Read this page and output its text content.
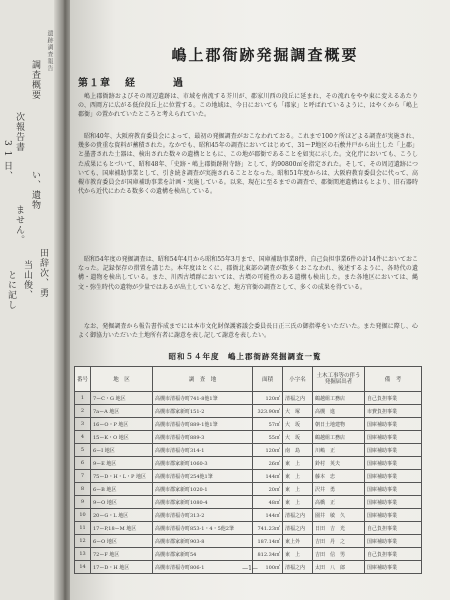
遺跡調査報告
調査概要
次報告書
3 1 日、
い、遺物
ません。
田辞次、勇
当山俊、
とに記し
嶋上郡衙跡発掘調査概要
第１章 経　過

嶋上郡衙跡およびその周辺遺跡は、市域を南流する芥川が、郡家川西の段丘に延まれ、その流れをやや東に変えるあたりの、西岡方に広がる低位段丘上に位置する。この地域は、今日においても「郡家」と呼ばれているように、はやくから「嶋上郡衙」の置かれていたところと考えられていた。

昭和40年、大阪府教育委員会によって、最初の発掘調査がおこなわれておる。これまで100ケ所ほどよる調査が実施され、幾多の貴重な資料が蓄積された。なかでも、昭和45年の調査においてはじめて、31ーP地区の石敷井戸から出土した「上郡」と墨書された土器は、検出された数々の遺構とともに、この地が郡衙であることを如実に示した。文化庁においても、こうした成果にもとづいて、昭和48年、「史跡・嶋上郡衙跡附寺跡」として、約90800㎡を指定された。そして、その周辺遺跡についても、国庫補助事業として、引き続き調査が実施されることとなった。昭和51年度からは、大阪府教育委員会に代って、高槻市教育委員会が国庫補助事業を計画・実施している。以来、現在に至るまでの調査で、郡衙関連遺構はもとより、旧石器時代から近代にわたる数多くの遺構を検出している。

昭和54年度の発掘調査は、昭和54年4月から昭和55年3月まで、国庫補助事業8件、自己負担事業6件の計14件においておこなった。記録保存の措置を講じた。本年度はとくに、郡衙北東部の調査が数多くおこなわれ、後述するように、各時代の遺構・遺物を検出している。また、川西古墳群においては、古墳の可能性のある遺構も検出した。また各地区においては、縄文・弥生時代の遺物が少量ではあるが出土しているなど、地方官衙の調査として、多くの成果を得ている。

なお、発掘調査から報告書作成までには本市文化財保護審議会委員長日正三氏の御指導をいただいた。また発掘に際し、心よく御協力いただいた土地所有者に謝意を表し記して謝意を表したい。

昭和５４年度　嶋上郡衙跡発掘調査一覧
番号	地　区	調　査　地	面積	小字名	土木工事等の伴う発掘届出者	備　考
1	7ーC・G 地区	高槻市清福寺町741-8他1筆	120㎡	清福之内	鶴越組工務店	自己負担事業
2	7aーA 地区	高槻市郡家新町151-2	323.90㎡	大　塚	高槻　進	市費負担事業
3	16ーO・P 地区	高槻市清福寺町889-1他1筆	57㎡	大　坂	朝日土地建物	国庫補助事業
4	15ーK・O 地区	高槻市清福寺町889-3	55㎡	大　坂	鶴越組工務店	国庫補助事業
5	6ーI 地区	高槻市清福寺町314-1	120㎡	南　島	川嶋　正	国庫補助事業
6	9ーE 地区	高槻市郡家新町1060-3	26㎡	東　上	鈴村　英夫	国庫補助事業
7	75ーD・H・L・P 地区	高槻市清福寺町254他1筆	144㎡	東　上	藤本　忠	国庫補助事業
8	6ーB 地区	高槻市郡家新町1020-1	20㎡	東　上	沢井　勇	国庫補助事業
9	9ーO 地区	高槻市郡家新町1080-4	48㎡	東　上	高橋　正	国庫補助事業
10	20ーG・L 地区	高槻市清福寺町313-2	144㎡	清福之内	園井　敏　久	国庫補助事業
11	17ーP,18ーM 地区	高槻市清福寺町853-1・4・5他2筆	741.23㎡	清福之内	日田　吉　光	自己負担事業
12	6ーO 地区	高槻市郡家新町903-8	187.14㎡	東上外	吉田　丹　之	国庫補助事業
13	72ーF 地区	高槻市郡家新町54	812.34㎡	東　上	吉田　信　男	自己負担事業
14	17ーD・H 地区	高槻市清福寺町806-1	100㎡	清福之内	太田　八　郎	国庫補助事業
—1—
